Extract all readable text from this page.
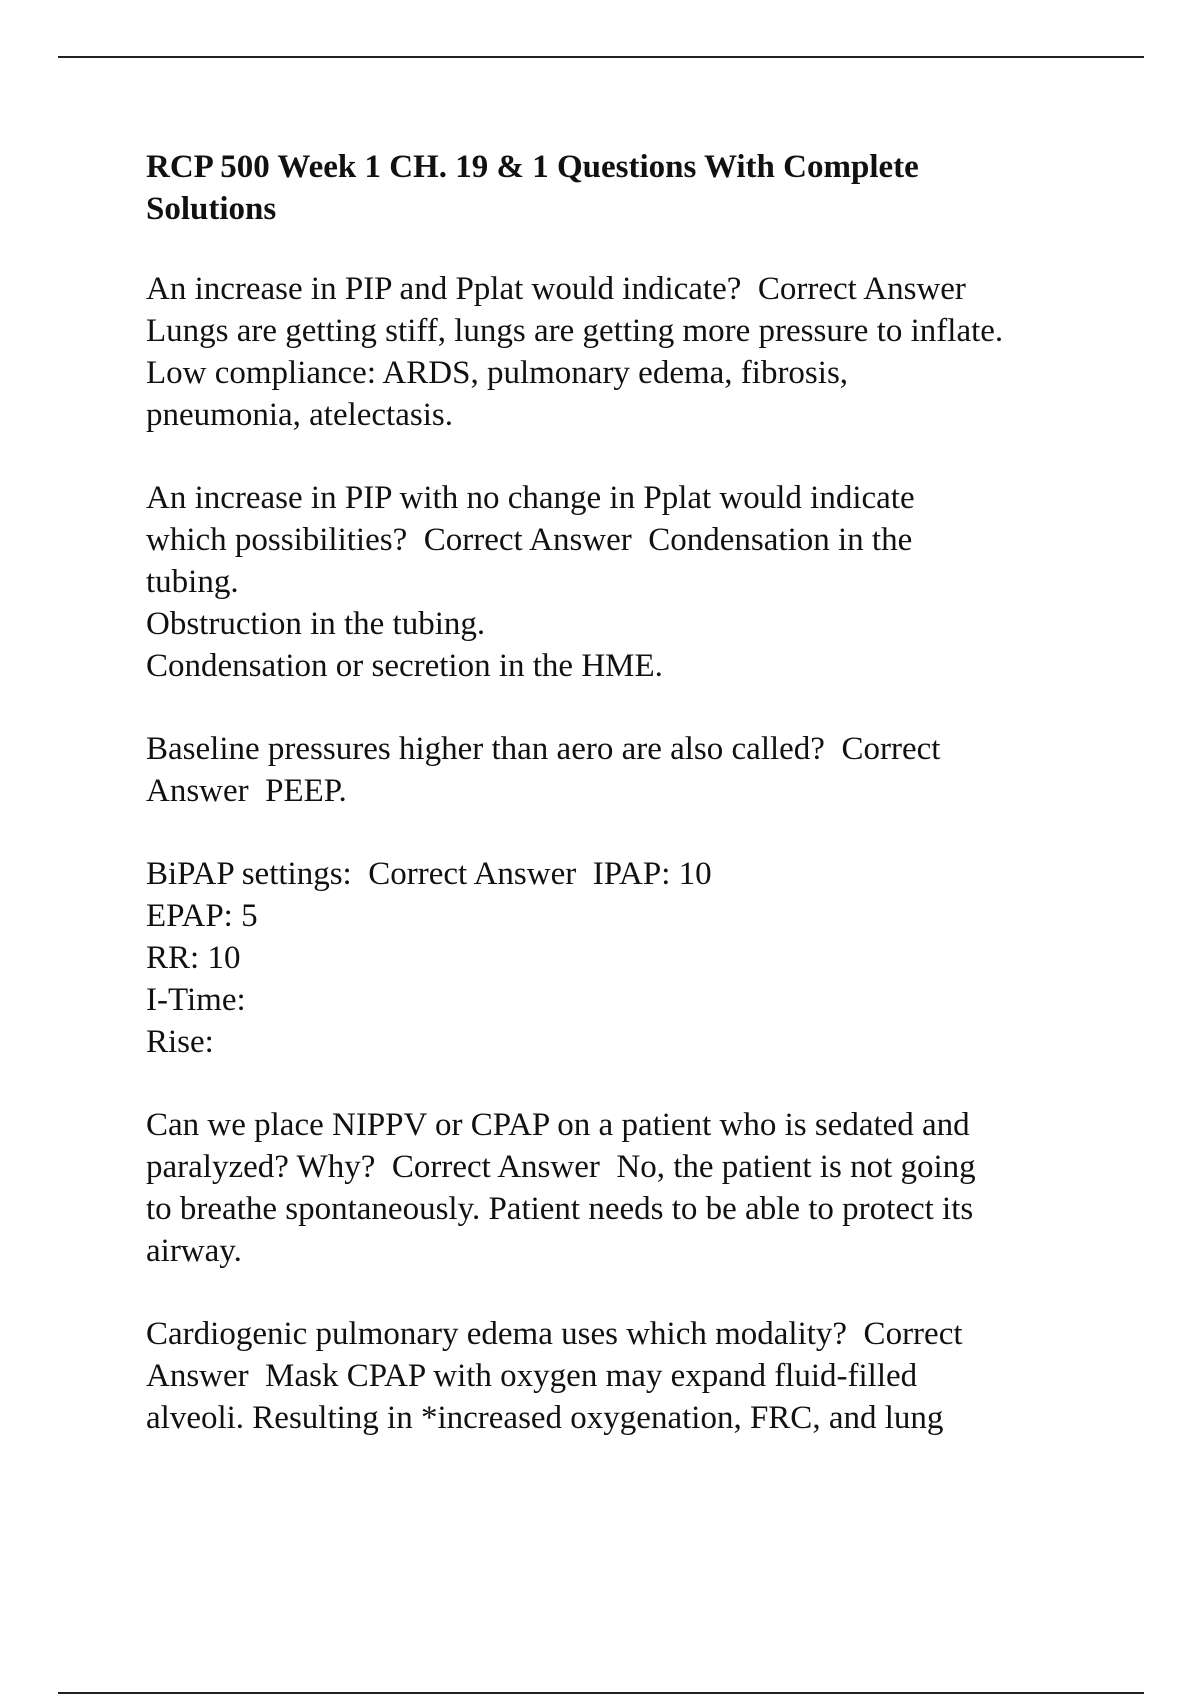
RCP 500 Week 1 CH. 19 & 1 Questions With Complete
Solutions

An increase in PIP and Pplat would indicate?  Correct Answer

Lungs are getting stiff, lungs are getting more pressure to inflate.

Low compliance: ARDS, pulmonary edema, fibrosis,

pneumonia, atelectasis.

An increase in PIP with no change in Pplat would indicate

which possibilities?  Correct Answer  Condensation in the

tubing.

Obstruction in the tubing.

Condensation or secretion in the HME.

Baseline pressures higher than aero are also called?  Correct

Answer  PEEP.

BiPAP settings:  Correct Answer  IPAP: 10

EPAP: 5

RR: 10

I-Time:

Rise:

Can we place NIPPV or CPAP on a patient who is sedated and

paralyzed? Why?  Correct Answer  No, the patient is not going

to breathe spontaneously. Patient needs to be able to protect its

airway.

Cardiogenic pulmonary edema uses which modality?  Correct

Answer  Mask CPAP with oxygen may expand fluid-filled

alveoli. Resulting in *increased oxygenation, FRC, and lung
